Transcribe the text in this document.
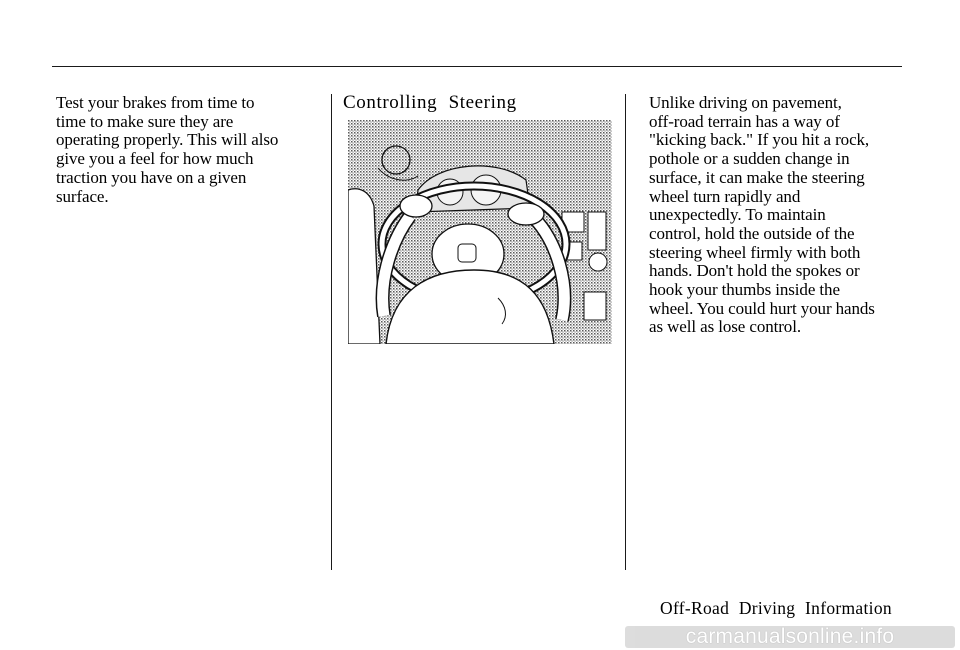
Test your brakes from time to
time to make sure they are
operating properly. This will also
give you a feel for how much
traction you have on a given
surface.

Controlling Steering	Unlike driving on pavement,
off-road terrain has a way of
"kicking back." If you hit a rock,
pothole or a sudden change in
surface, it can make the steering
wheel turn rapidly and
unexpectedly. To maintain
control, hold the outside of the
steering wheel firmly with both
hands. Don't hold the spokes or
hook your thumbs inside the
wheel. You could hurt your hands
as well as lose control.

Off-Road Driving Information

carmanualsonline.info
